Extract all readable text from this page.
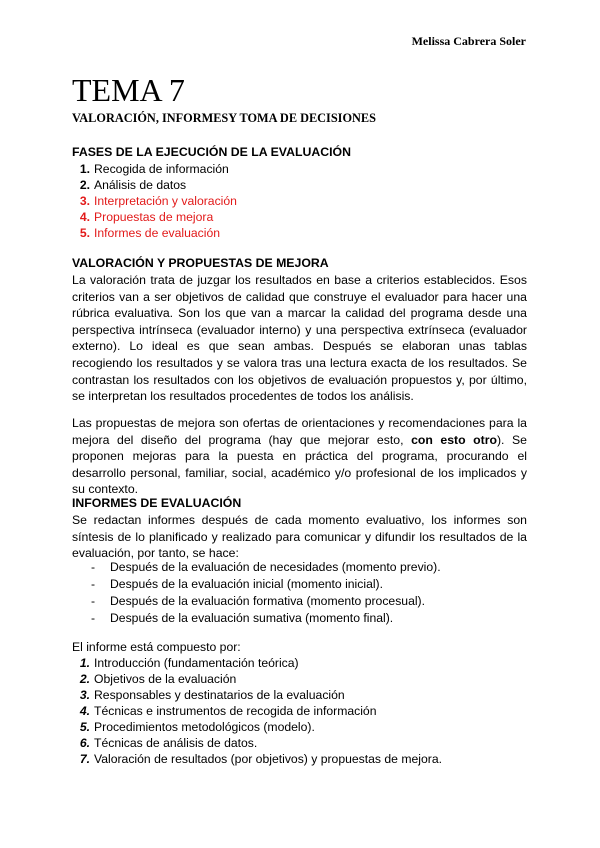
Melissa Cabrera Soler
TEMA 7
VALORACIÓN, INFORMESY TOMA DE DECISIONES
FASES DE LA EJECUCIÓN DE LA EVALUACIÓN
1. Recogida de información
2. Análisis de datos
3. Interpretación y valoración
4. Propuestas de mejora
5. Informes de evaluación
VALORACIÓN Y PROPUESTAS DE MEJORA

La valoración trata de juzgar los resultados en base a criterios establecidos. Esos criterios van a ser objetivos de calidad que construye el evaluador para hacer una rúbrica evaluativa. Son los que van a marcar la calidad del programa desde una perspectiva intrínseca (evaluador interno) y una perspectiva extrínseca (evaluador externo). Lo ideal es que sean ambas. Después se elaboran unas tablas recogiendo los resultados y se valora tras una lectura exacta de los resultados. Se contrastan los resultados con los objetivos de evaluación propuestos y, por último, se interpretan los resultados procedentes de todos los análisis.

Las propuestas de mejora son ofertas de orientaciones y recomendaciones para la mejora del diseño del programa (hay que mejorar esto, con esto otro). Se proponen mejoras para la puesta en práctica del programa, procurando el desarrollo personal, familiar, social, académico y/o profesional de los implicados y su contexto.

INFORMES DE EVALUACIÓN

Se redactan informes después de cada momento evaluativo, los informes son síntesis de lo planificado y realizado para comunicar y difundir los resultados de la evaluación, por tanto, se hace:

-	Después de la evaluación de necesidades (momento previo).
-	Después de la evaluación inicial (momento inicial).
-	Después de la evaluación formativa (momento procesual).
-	Después de la evaluación sumativa (momento final).
El informe está compuesto por:
1. Introducción (fundamentación teórica)
2. Objetivos de la evaluación
3. Responsables y destinatarios de la evaluación
4. Técnicas e instrumentos de recogida de información
5. Procedimientos metodológicos (modelo).
6. Técnicas de análisis de datos.
7. Valoración de resultados (por objetivos) y propuestas de mejora.
